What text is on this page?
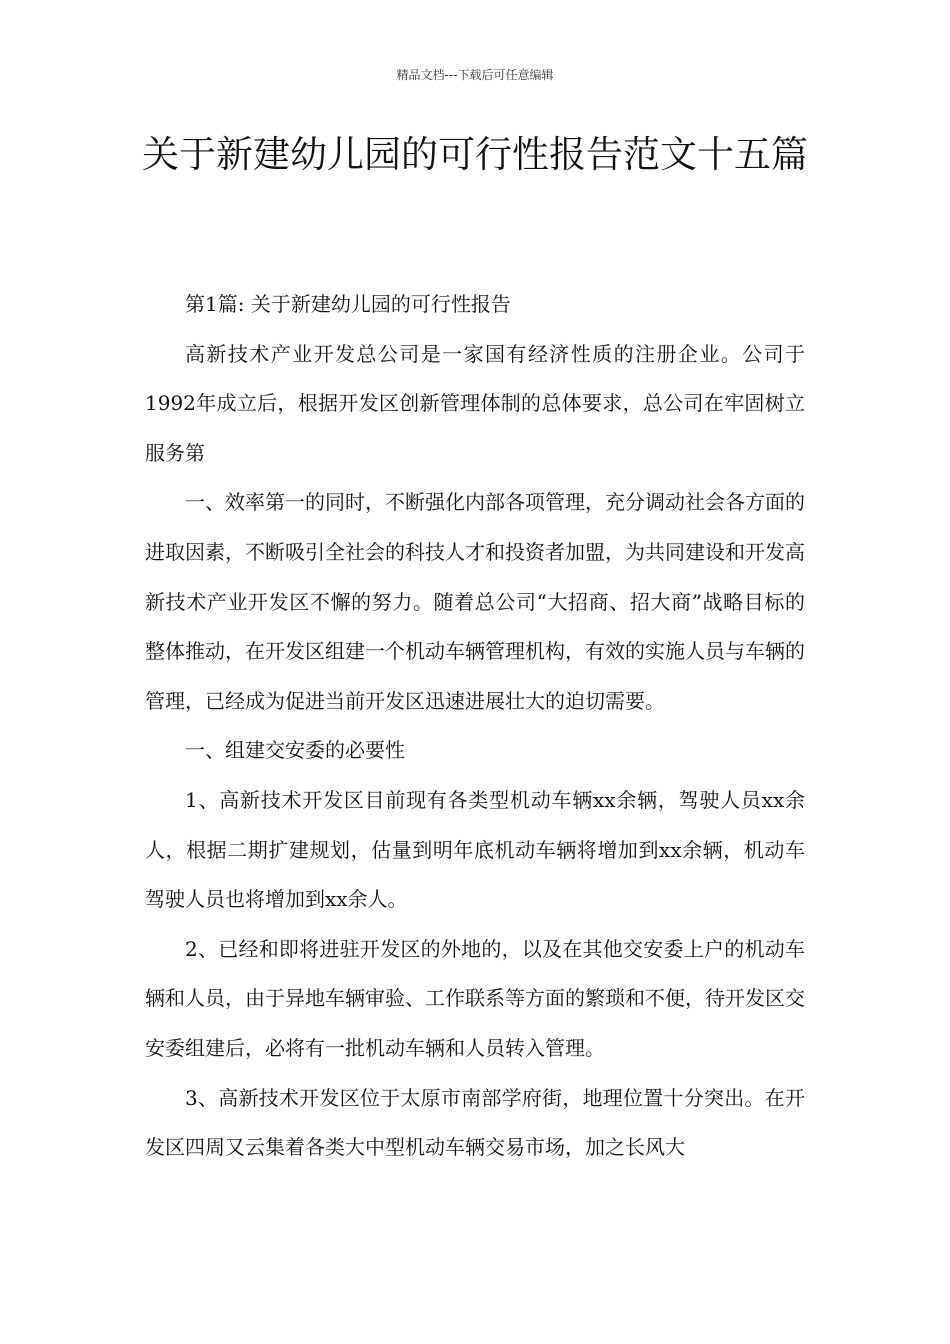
精品文档---下载后可任意编辑
关于新建幼儿园的可行性报告范文十五篇

第1篇: 关于新建幼儿园的可行性报告

高新技术产业开发总公司是一家国有经济性质的注册企业。公司于1992年成立后，根据开发区创新管理体制的总体要求，总公司在牢固树立服务第

一、效率第一的同时，不断强化内部各项管理，充分调动社会各方面的进取因素，不断吸引全社会的科技人才和投资者加盟，为共同建设和开发高新技术产业开发区不懈的努力。随着总公司“大招商、招大商”战略目标的整体推动，在开发区组建一个机动车辆管理机构，有效的实施人员与车辆的管理，已经成为促进当前开发区迅速进展壮大的迫切需要。

一、组建交安委的必要性

1、高新技术开发区目前现有各类型机动车辆xx余辆，驾驶人员xx余人，根据二期扩建规划，估量到明年底机动车辆将增加到xx余辆，机动车驾驶人员也将增加到xx余人。

2、已经和即将进驻开发区的外地的，以及在其他交安委上户的机动车辆和人员，由于异地车辆审验、工作联系等方面的繁琐和不便，待开发区交安委组建后，必将有一批机动车辆和人员转入管理。

3、高新技术开发区位于太原市南部学府街，地理位置十分突出。在开发区四周又云集着各类大中型机动车辆交易市场，加之长风大
